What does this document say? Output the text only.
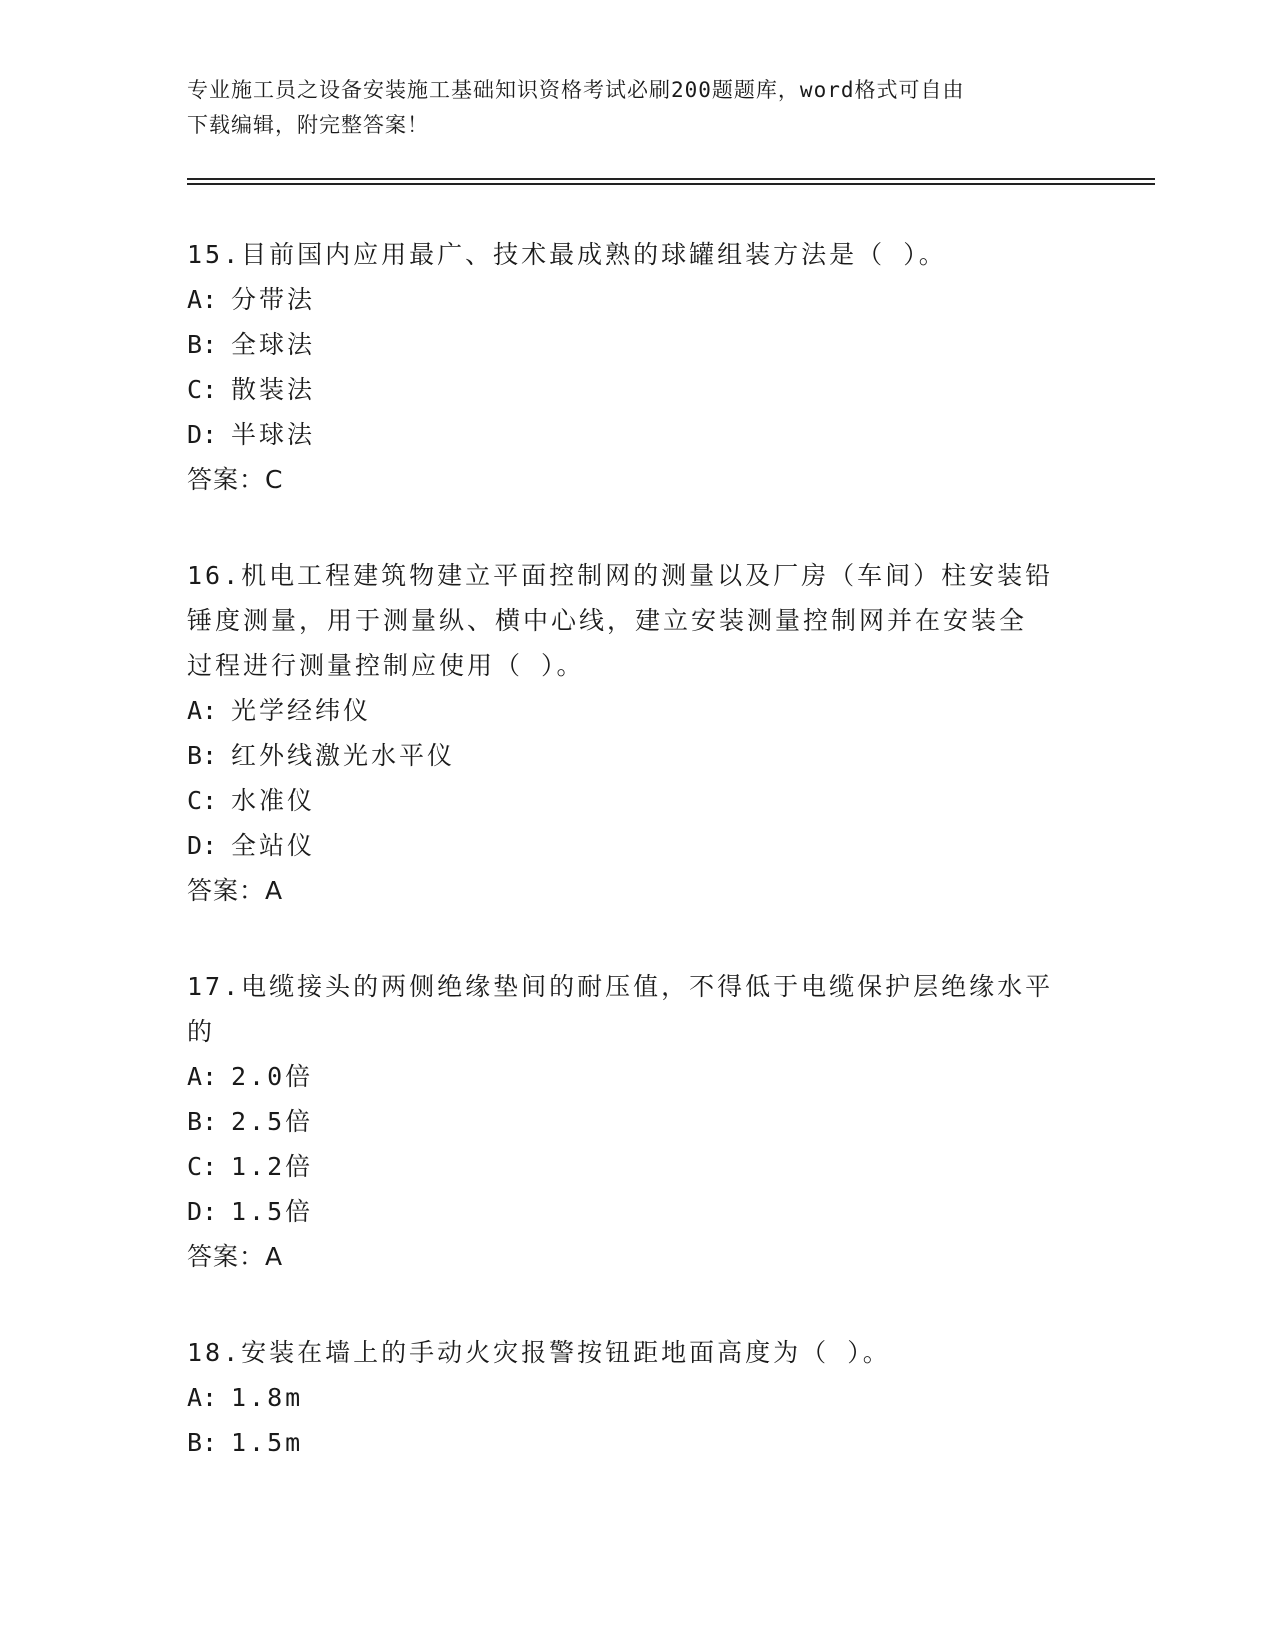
专业施工员之设备安装施工基础知识资格考试必刷200题题库，word格式可自由
下载编辑，附完整答案！

15.目前国内应用最广、技术最成熟的球罐组装方法是（ ）。

A: 分带法

B: 全球法

C: 散装法

D: 半球法

答案：C

16.机电工程建筑物建立平面控制网的测量以及厂房（车间）柱安装铅

锤度测量，用于测量纵、横中心线，建立安装测量控制网并在安装全

过程进行测量控制应使用（ ）。

A: 光学经纬仪

B: 红外线激光水平仪

C: 水准仪

D: 全站仪

答案：A

17.电缆接头的两侧绝缘垫间的耐压值，不得低于电缆保护层绝缘水平

的

A: 2.0倍

B: 2.5倍

C: 1.2倍

D: 1.5倍

答案：A

18.安装在墙上的手动火灾报警按钮距地面高度为（ ）。

A: 1.8m

B: 1.5m
